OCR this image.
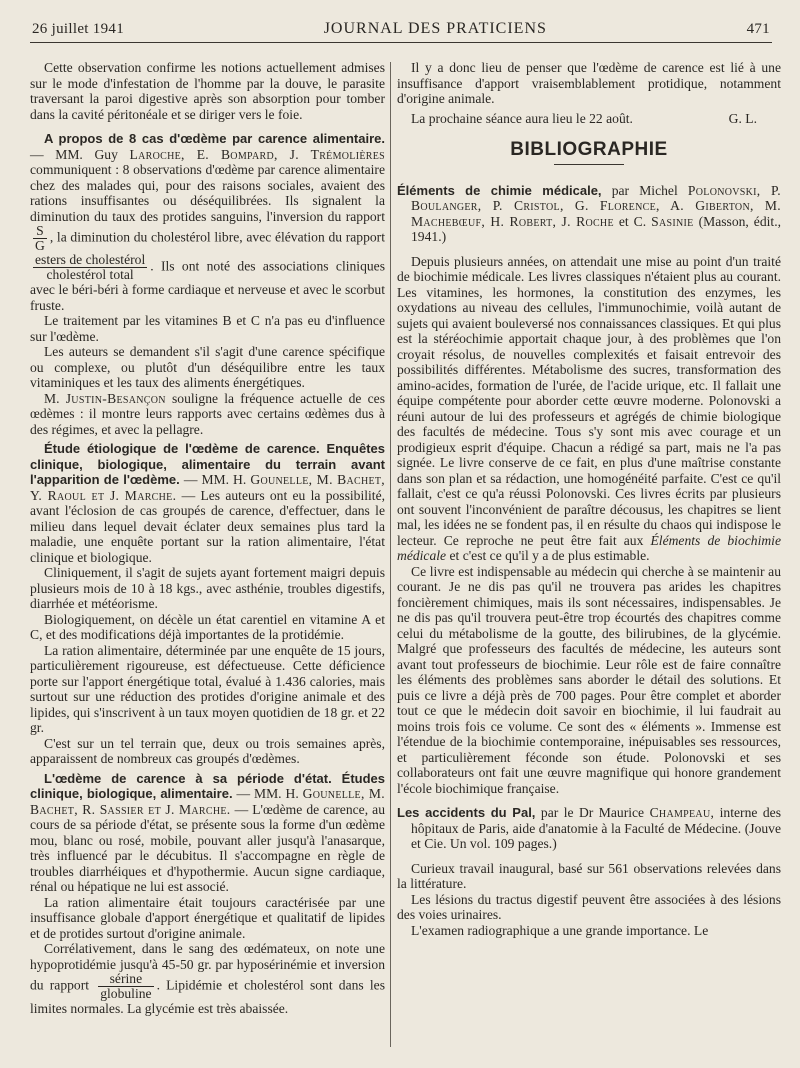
26 juillet 1941	JOURNAL DES PRATICIENS	471

Cette observation confirme les notions actuellement admises sur le mode d'infestation de l'homme par la douve, le parasite traversant la paroi digestive après son absorption pour tomber dans la cavité péritonéale et se diriger vers le foie.

A propos de 8 cas d'œdème par carence alimentaire. — MM. Guy Laroche, E. Bompard, J. Trémolières communiquent : 8 observations d'œdème par carence alimentaire chez des malades qui, pour des raisons sociales, avaient des rations insuffisantes ou déséquilibrées. Ils signalent la diminution du taux des protides sanguins, l'inversion du rapport
$\frac{S}{G}$ , la diminution du cholestérol libre, avec élévation du rapport
$\frac{\text{esters de cholestérol}}{\text{cholestérol total}}$ . Ils ont noté des associations cliniques avec le béri-béri à forme cardiaque et nerveuse et avec le scorbut fruste.

Le traitement par les vitamines B et C n'a pas eu d'influence sur l'œdème.

Les auteurs se demandent s'il s'agit d'une carence spécifique ou complexe, ou plutôt d'un déséquilibre entre les taux vitaminiques et les taux des aliments énergétiques.

M. Justin-Besançon souligne la fréquence actuelle de ces œdèmes : il montre leurs rapports avec certains œdèmes dus à des régimes, et avec la pellagre.

Étude étiologique de l'œdème de carence. Enquêtes clinique, biologique, alimentaire du terrain avant l'apparition de l'œdème. — MM. H. Gounelle, M. Bachet, Y. Raoul et J. Marche. — Les auteurs ont eu la possibilité, avant l'éclosion de cas groupés de carence, d'effectuer, dans le milieu dans lequel devait éclater deux semaines plus tard la maladie, une enquête portant sur la ration alimentaire, l'état clinique et biologique.

Cliniquement, il s'agit de sujets ayant fortement maigri depuis plusieurs mois de 10 à 18 kgs., avec asthénie, troubles digestifs, diarrhée et météorisme.

Biologiquement, on décèle un état carentiel en vitamine A et C, et des modifications déjà importantes de la protidémie.

La ration alimentaire, déterminée par une enquête de 15 jours, particulièrement rigoureuse, est défectueuse. Cette déficience porte sur l'apport énergétique total, évalué à 1.436 calories, mais surtout sur une réduction des protides d'origine animale et des lipides, qui s'inscrivent à un taux moyen quotidien de 18 gr. et 22 gr.

C'est sur un tel terrain que, deux ou trois semaines après, apparaissent de nombreux cas groupés d'œdèmes.

L'œdème de carence à sa période d'état. Études clinique, biologique, alimentaire. — MM. H. Gounelle, M. Bachet, R. Sassier et J. Marche. — L'œdème de carence, au cours de sa période d'état, se présente sous la forme d'un œdème mou, blanc ou rosé, mobile, pouvant aller jusqu'à l'anasarque, très influencé par le décubitus. Il s'accompagne en règle de troubles diarrhéiques et d'hypothermie. Aucun signe cardiaque, rénal ou hépatique ne lui est associé.

La ration alimentaire était toujours caractérisée par une insuffisance globale d'apport énergétique et qualitatif de lipides et de protides surtout d'origine animale.

Corrélativement, dans le sang des œdémateux, on note une hypoprotidémie jusqu'à 45-50 gr. par hyposérinémie et inversion du rapport $\frac{\text{sérine}}{\text{globuline}}$ . Lipidémie et cholestérol sont dans les limites normales. La glycémie est très abaissée.

Il y a donc lieu de penser que l'œdème de carence est lié à une insuffisance d'apport vraisemblablement protidique, notamment d'origine animale.

La prochaine séance aura lieu le 22 août.	G. L.

BIBLIOGRAPHIE

Éléments de chimie médicale, par Michel Polonovski, P. Boulanger, P. Cristol, G. Florence, A. Giberton, M. Machebœuf, H. Robert, J. Roche et C. Sasinie (Masson, édit., 1941.)

Depuis plusieurs années, on attendait une mise au point d'un traité de biochimie médicale. Les livres classiques n'étaient plus au courant. Les vitamines, les hormones, la constitution des enzymes, les oxydations au niveau des cellules, l'immunochimie, voilà autant de sujets qui avaient bouleversé nos connaissances classiques. Et qui plus est la stéréochimie apportait chaque jour, à des problèmes que l'on croyait résolus, de nouvelles complexités et faisait entrevoir des possibilités différentes. Métabolisme des sucres, transformation des amino-acides, formation de l'urée, de l'acide urique, etc. Il fallait une équipe compétente pour aborder cette œuvre moderne. Polonovski a réuni autour de lui des professeurs et agrégés de chimie biologique des facultés de médecine. Tous s'y sont mis avec courage et un prodigieux esprit d'équipe. Chacun a rédigé sa part, mais ne l'a pas signée. Le livre conserve de ce fait, en plus d'une maîtrise constante dans son plan et sa rédaction, une homogénéité parfaite. C'est ce qu'il fallait, c'est ce qu'a réussi Polonovski. Ces livres écrits par plusieurs ont souvent l'inconvénient de paraître décousus, les chapitres se lient mal, les idées ne se fondent pas, il en résulte du chaos qui indispose le lecteur. Ce reproche ne peut être fait aux Éléments de biochimie médicale et c'est ce qu'il y a de plus estimable.

Ce livre est indispensable au médecin qui cherche à se maintenir au courant. Je ne dis pas qu'il ne trouvera pas arides les chapitres foncièrement chimiques, mais ils sont nécessaires, indispensables. Je ne dis pas qu'il trouvera peut-être trop écourtés des chapitres comme celui du métabolisme de la goutte, des bilirubines, de la glycémie. Malgré que professeurs des facultés de médecine, les auteurs sont avant tout professeurs de biochimie. Leur rôle est de faire connaître les éléments des problèmes sans aborder le détail des solutions. Et puis ce livre a déjà près de 700 pages. Pour être complet et aborder tout ce que le médecin doit savoir en biochimie, il lui faudrait au moins trois fois ce volume. Ce sont des « éléments ». Immense est l'étendue de la biochimie contemporaine, inépuisables ses ressources, et particulièrement féconde son étude. Polonovski et ses collaborateurs ont fait une œuvre magnifique qui honore grandement l'école biochimique française.

Les accidents du Pal, par le Dr Maurice Champeau, interne des hôpitaux de Paris, aide d'anatomie à la Faculté de Médecine. (Jouve et Cie. Un vol. 109 pages.)

Curieux travail inaugural, basé sur 561 observations relevées dans la littérature.

Les lésions du tractus digestif peuvent être associées à des lésions des voies urinaires.

L'examen radiographique a une grande importance. Le
